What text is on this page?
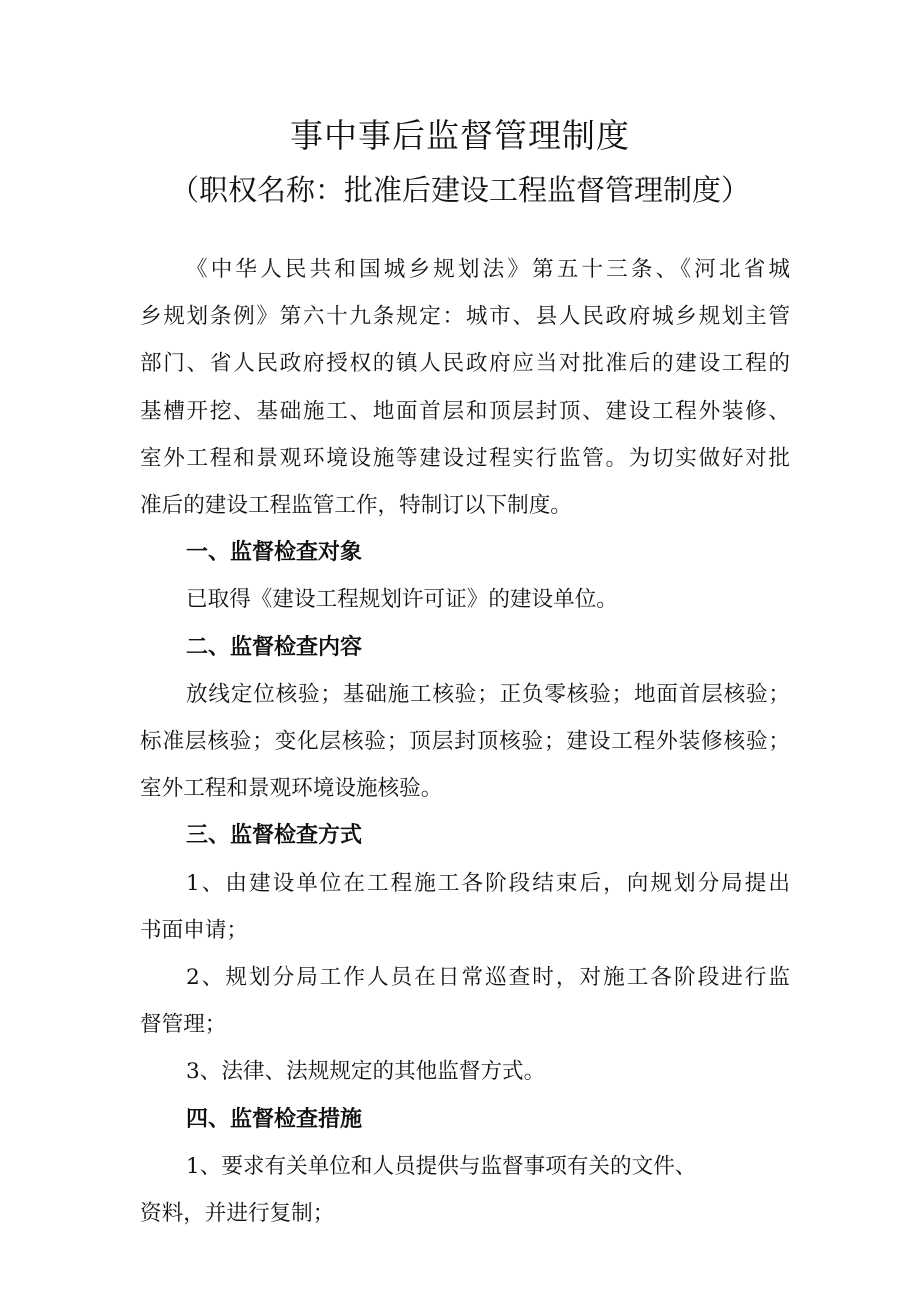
事中事后监督管理制度
（职权名称：批准后建设工程监督管理制度）
《中华人民共和国城乡规划法》第五十三条、《河北省城
乡规划条例》第六十九条规定：城市、县人民政府城乡规划主管
部门、省人民政府授权的镇人民政府应当对批准后的建设工程的
基槽开挖、基础施工、地面首层和顶层封顶、建设工程外装修、
室外工程和景观环境设施等建设过程实行监管。为切实做好对批
准后的建设工程监管工作，特制订以下制度。
一、监督检查对象
已取得《建设工程规划许可证》的建设单位。
二、监督检查内容
放线定位核验；基础施工核验；正负零核验；地面首层核验；
标准层核验；变化层核验；顶层封顶核验；建设工程外装修核验；
室外工程和景观环境设施核验。
三、监督检查方式
1、由建设单位在工程施工各阶段结束后，向规划分局提出
书面申请；
2、规划分局工作人员在日常巡查时，对施工各阶段进行监
督管理；
3、法律、法规规定的其他监督方式。
四、监督检查措施
1、要求有关单位和人员提供与监督事项有关的文件、
资料，并进行复制；
